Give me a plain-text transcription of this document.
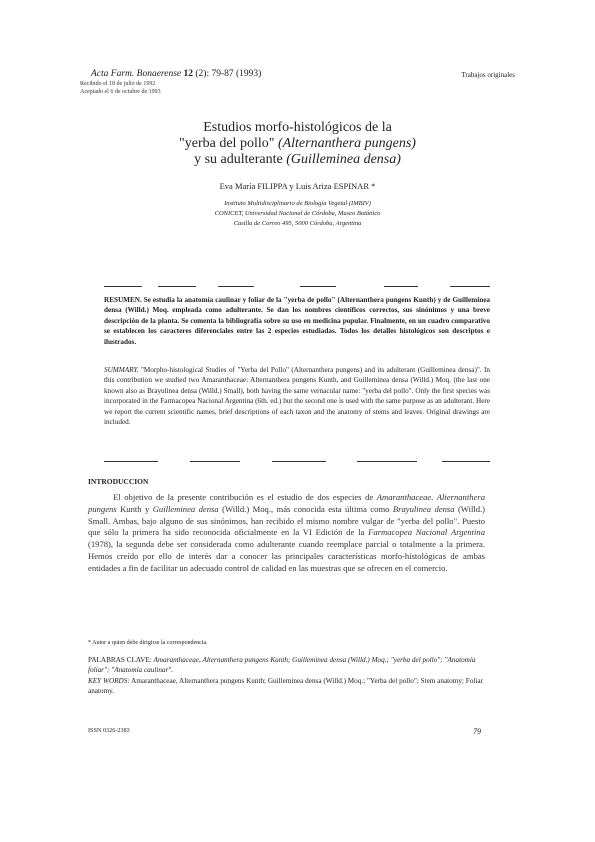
Acta Farm. Bonaerense 12 (2): 79-87 (1993)
Recibido el 18 de julio de 1992
Aceptado el 6 de octubre de 1993
Trabajos originales
Estudios morfo-histológicos de la
"yerba del pollo" (Alternanthera pungens)
y su adulterante (Guilleminea densa)
Eva María FILIPPA y Luis Ariza ESPINAR *
Instituto Multidisciplinario de Biología Vegetal (IMBIV)
CONICET, Universidad Nacional de Córdoba, Museo Botánico
Casilla de Correo 495, 5000 Córdoba, Argentina
RESUMEN. Se estudia la anatomía caulinar y foliar de la "yerba de pollo" (Alternanthera pungens Kunth) y de Guilleminea densa (Willd.) Moq. empleada como adulterante. Se dan los nombres científicos correctos, sus sinónimos y una breve descripción de la planta. Se comenta la bibliografía sobre su uso en medicina popular. Finalmente, en un cuadro comparativo se establecen los caracteres diferenciales entre las 2 especies estudiadas. Todos los detalles histológicos son descriptos e ilustrados.
SUMMARY. "Morpho-histological Studies of "Yerba del Pollo" (Alternanthera pungens) and its adulterant (Guilleminea densa)". In this contribution we studied two Amaranthaceae: Alternanthera pungens Kunth, and Guilleminea densa (Willd.) Moq. (the last one known also as Brayulinea densa (Willd.) Small), both having the same vernacular name: "yerba del pollo". Only the first species was incorporated in the Farmacopea Nacional Argentina (6th. ed.) but the second one is used with the same purpose as an adulterant. Here we report the current scientific names, brief descriptions of each taxon and the anatomy of stems and leaves. Original drawings are included.
INTRODUCCION
El objetivo de la presente contribución es el estudio de dos especies de Amaranthaceae. Alternanthera pungens Kunth y Guilleminea densa (Willd.) Moq., más conocida esta última como Brayulinea densa (Willd.) Small. Ambas, bajo alguno de sus sinónimos, han recibido el mismo nombre vulgar de "yerba del pollo". Puesto que sólo la primera ha sido reconocida oficialmente en la VI Edición de la Farmacopea Nacional Argentina (1978), la segunda debe ser considerada como adulterante cuando reemplace parcial o totalmente a la primera. Hemos creído por ello de interés dar a conocer las principales características morfo-histológicas de ambas entidades a fin de facilitar un adecuado control de calidad en las muestras que se ofrecen en el comercio.
* Autor a quien debe dirigirse la correspondencia.
PALABRAS CLAVE: Amaranthaceae, Alternanthera pungens Kunth; Guilleminea densa (Willd.) Moq.; "yerba del pollo"; "Anatomía foliar"; "Anatomía caulinar".
KEY WORDS: Amaranthaceae, Alternanthera pungens Kunth; Guilleminea densa (Willd.) Moq.; "Yerba del pollo"; Stem anatomy; Foliar anatomy.
ISSN 0326-2383	79
